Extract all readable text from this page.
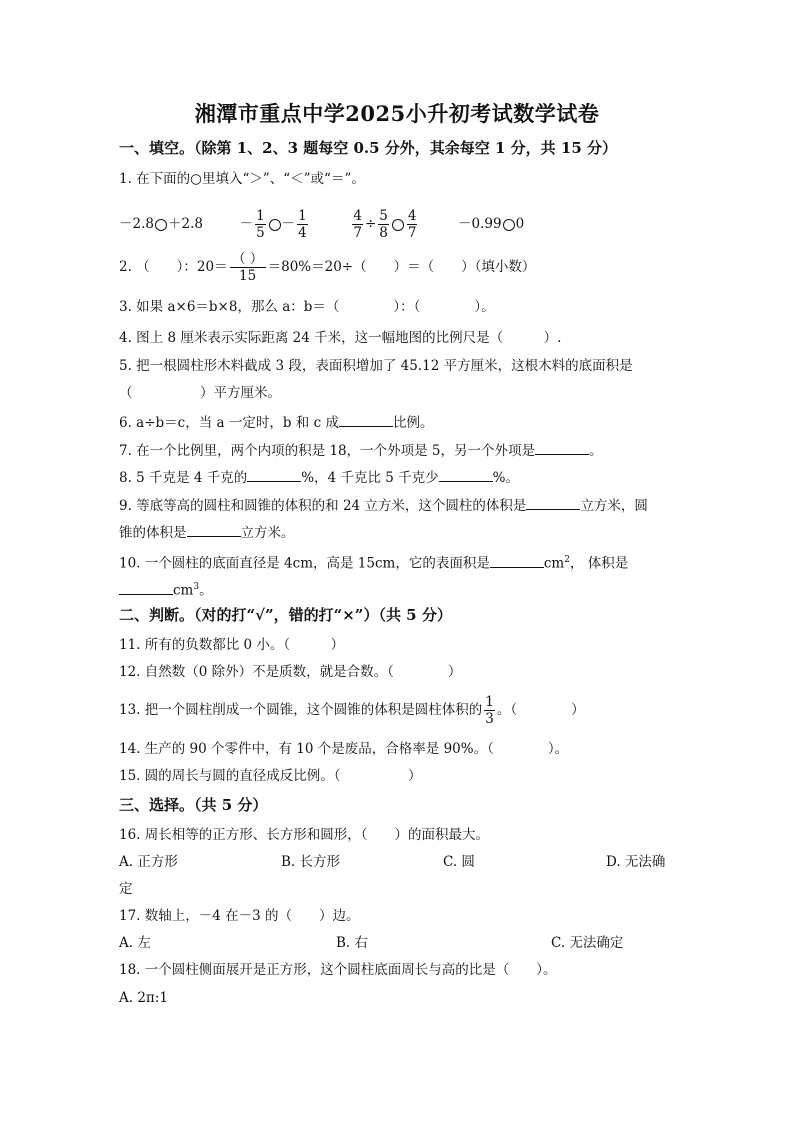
湘潭市重点中学2025小升初考试数学试卷
一、填空。（除第 1、2、3 题每空 0.5 分外，其余每空 1 分，共 15 分）
1. 在下面的○里填入“＞”、“＜”或“＝”。
－2.8 ＋2.8	－ $\frac{1}{5} - \frac{1}{4}$
	$\frac{4}{7} \div \frac{5}{8} \frac{4}{7}$	－0.99 0
2. （　　）：$20= \frac{( )}{15} =80\%=20\div$（　　）＝（　　）（填小数）
3. 如果 a×6＝b×8，那么 a：b＝（　　　　）：（　　　　）。
4. 图上 8 厘米表示实际距离 24 千米，这一幅地图的比例尺是（　　　）.
5. 把一根圆柱形木料截成 3 段，表面积增加了 45.12 平方厘米，这根木料的底面积是
（　　　　　）平方厘米。
6. a÷b＝c，当 a 一定时，b 和 c 成	比例。
7. 在一个比例里，两个内项的积是 18，一个外项是 5，另一个外项是	。
8. 5 千克是 4 千克的	%，4 千克比 5 千克少	%。
9. 等底等高的圆柱和圆锥的体积的和 24 立方米，这个圆柱的体积是	立方米，圆
锥的体积是	立方米。
10. 一个圆柱的底面直径是 4cm，高是 15cm，它的表面积是	$cm^2$， 体积是
$cm^3$。
二、判断。（对的打“√”，错的打“×”）（共 5 分）
11. 所有的负数都比 0 小。（　　　）
12. 自然数（0 除外）不是质数，就是合数。（　　　　）
13. 把一个圆柱削成一个圆锥，这个圆锥的体积是圆柱体积的 $\frac{1}{3}$ 。（　　　　）
14. 生产的 90 个零件中，有 10 个是废品，合格率是 90%。（　　　　）。
15. 圆的周长与圆的直径成反比例。（　　　　　）
三、选择。（共 5 分）
16. 周长相等的正方形、长方形和圆形，（　　）的面积最大。
A. 正方形	B. 长方形	C. 圆	D. 无法确
定
17. 数轴上，－4 在－3 的（　　）边。
A. 左	B. 右	C. 无法确定
18. 一个圆柱侧面展开是正方形，这个圆柱底面周长与高的比是（　　）。
A. 2π:1
